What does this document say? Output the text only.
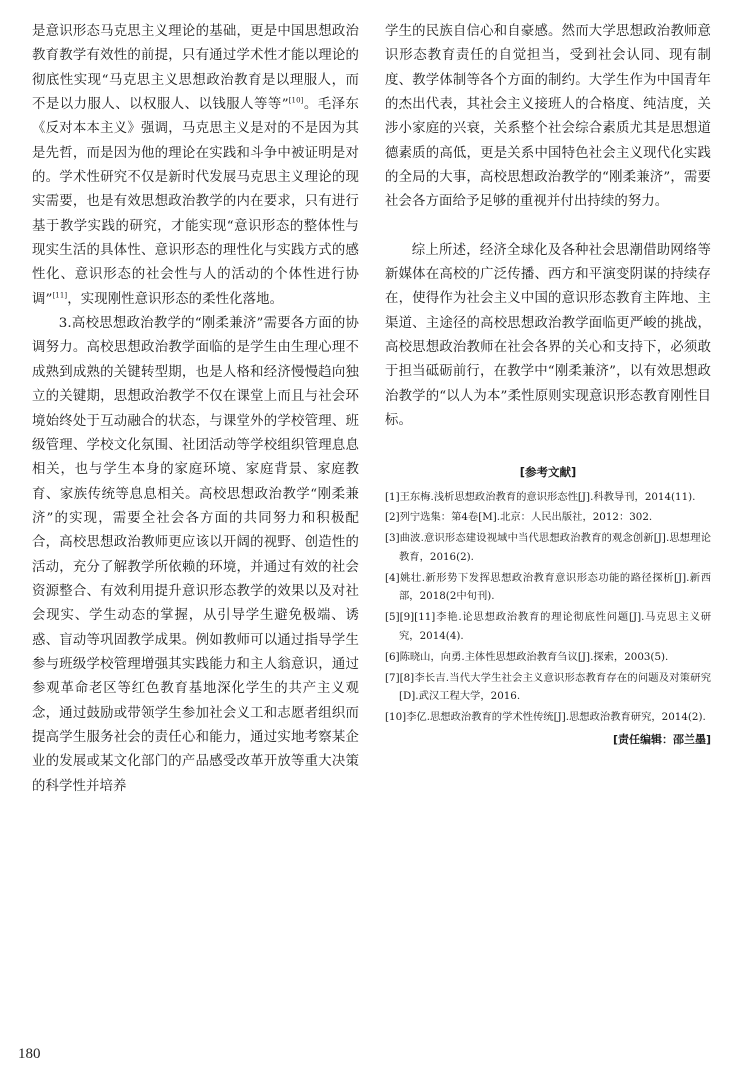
是意识形态马克思主义理论的基础，更是中国思想政治教育教学有效性的前提，只有通过学术性才能以理论的彻底性实现“马克思主义思想政治教育是以理服人，而不是以力服人、以权服人、以钱服人等等”[10]。毛泽东《反对本本主义》强调，马克思主义是对的不是因为其是先哲，而是因为他的理论在实践和斗争中被证明是对的。学术性研究不仅是新时代发展马克思主义理论的现实需要，也是有效思想政治教学的内在要求，只有进行基于教学实践的研究，才能实现“意识形态的整体性与现实生活的具体性、意识形态的理性化与实践方式的感性化、意识形态的社会性与人的活动的个体性进行协调”[11]，实现刚性意识形态的柔性化落地。

3.高校思想政治教学的“刚柔兼济”需要各方面的协调努力。高校思想政治教学面临的是学生由生理心理不成熟到成熟的关键转型期，也是人格和经济慢慢趋向独立的关键期，思想政治教学不仅在课堂上而且与社会环境始终处于互动融合的状态，与课堂外的学校管理、班级管理、学校文化氛围、社团活动等学校组织管理息息相关，也与学生本身的家庭环境、家庭背景、家庭教育、家族传统等息息相关。高校思想政治教学“刚柔兼济”的实现，需要全社会各方面的共同努力和积极配合，高校思想政治教师更应该以开阔的视野、创造性的活动，充分了解教学所依赖的环境，并通过有效的社会资源整合、有效利用提升意识形态教学的效果以及对社会现实、学生动态的掌握，从引导学生避免极端、诱惑、盲动等巩固教学成果。例如教师可以通过指导学生参与班级学校管理增强其实践能力和主人翁意识，通过参观革命老区等红色教育基地深化学生的共产主义观念，通过鼓励或带领学生参加社会义工和志愿者组织而提高学生服务社会的责任心和能力，通过实地考察某企业的发展或某文化部门的产品感受改革开放等重大决策的科学性并培养

学生的民族自信心和自豪感。然而大学思想政治教师意识形态教育责任的自觉担当，受到社会认同、现有制度、教学体制等各个方面的制约。大学生作为中国青年的杰出代表，其社会主义接班人的合格度、纯洁度，关涉小家庭的兴衰，关系整个社会综合素质尤其是思想道德素质的高低，更是关系中国特色社会主义现代化实践的全局的大事，高校思想政治教学的“刚柔兼济”，需要社会各方面给予足够的重视并付出持续的努力。

综上所述，经济全球化及各种社会思潮借助网络等新媒体在高校的广泛传播、西方和平演变阴谋的持续存在，使得作为社会主义中国的意识形态教育主阵地、主渠道、主途径的高校思想政治教学面临更严峻的挑战，高校思想政治教师在社会各界的关心和支持下，必须敢于担当砥砺前行，在教学中“刚柔兼济”，以有效思想政治教学的“以人为本”柔性原则实现意识形态教育刚性目标。

[参考文献]

[1]王东梅.浅析思想政治教育的意识形态性[J].科教导刊，2014(11).

[2]列宁选集：第4卷[M].北京：人民出版社，2012：302.

[3]曲波.意识形态建设视域中当代思想政治教育的观念创新[J].思想理论教育，2016(2).

[4]姚壮.新形势下发挥思想政治教育意识形态功能的路径探析[J].新西部，2018(2中旬刊).

[5][9][11]李艳.论思想政治教育的理论彻底性问题[J].马克思主义研究，2014(4).

[6]陈晓山，向勇.主体性思想政治教育刍议[J].探索，2003(5).

[7][8]李长吉.当代大学生社会主义意识形态教育存在的问题及对策研究[D].武汉工程大学，2016.

[10]李亿.思想政治教育的学术性传统[J].思想政治教育研究，2014(2).

[责任编辑：邵兰墨]
180
